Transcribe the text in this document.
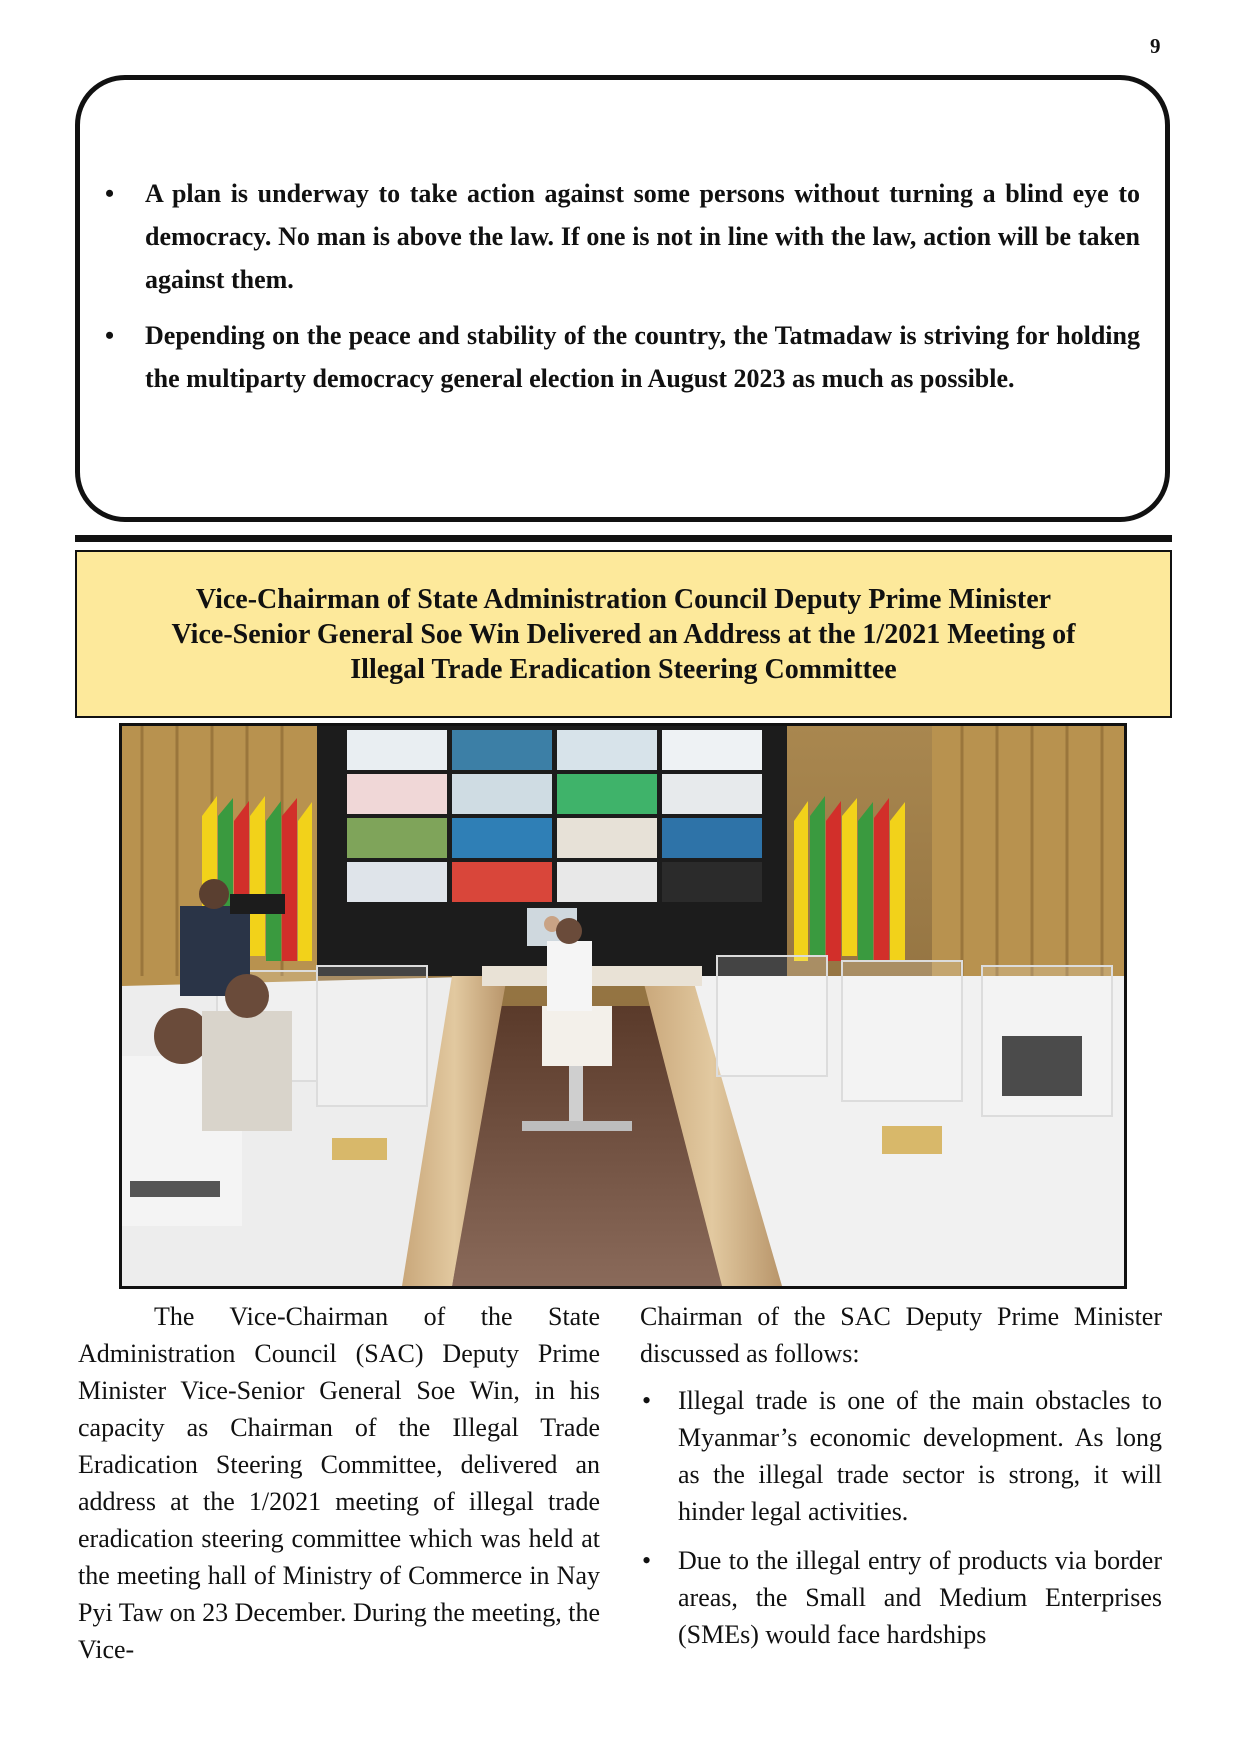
9
• A plan is underway to take action against some persons without turning a blind eye to democracy. No man is above the law. If one is not in line with the law, action will be taken against them.
• Depending on the peace and stability of the country, the Tatmadaw is striving for holding the multiparty democracy general election in August 2023 as much as possible.
Vice-Chairman of State Administration Council Deputy Prime Minister
Vice-Senior General Soe Win Delivered an Address at the 1/2021 Meeting of
Illegal Trade Eradication Steering Committee

The Vice-Chairman of the State Administration Council (SAC) Deputy Prime Minister Vice-Senior General Soe Win, in his capacity as Chairman of the Illegal Trade Eradication Steering Committee, delivered an address at the 1/2021 meeting of illegal trade eradication steering committee which was held at the meeting hall of Ministry of Commerce in Nay Pyi Taw on 23 December. During the meeting, the Vice-

Chairman of the SAC Deputy Prime Minister discussed as follows:

• Illegal trade is one of the main obstacles to Myanmar’s economic development. As long as the illegal trade sector is strong, it will hinder legal activities.
• Due to the illegal entry of products via border areas, the Small and Medium Enterprises (SMEs) would face hardships
